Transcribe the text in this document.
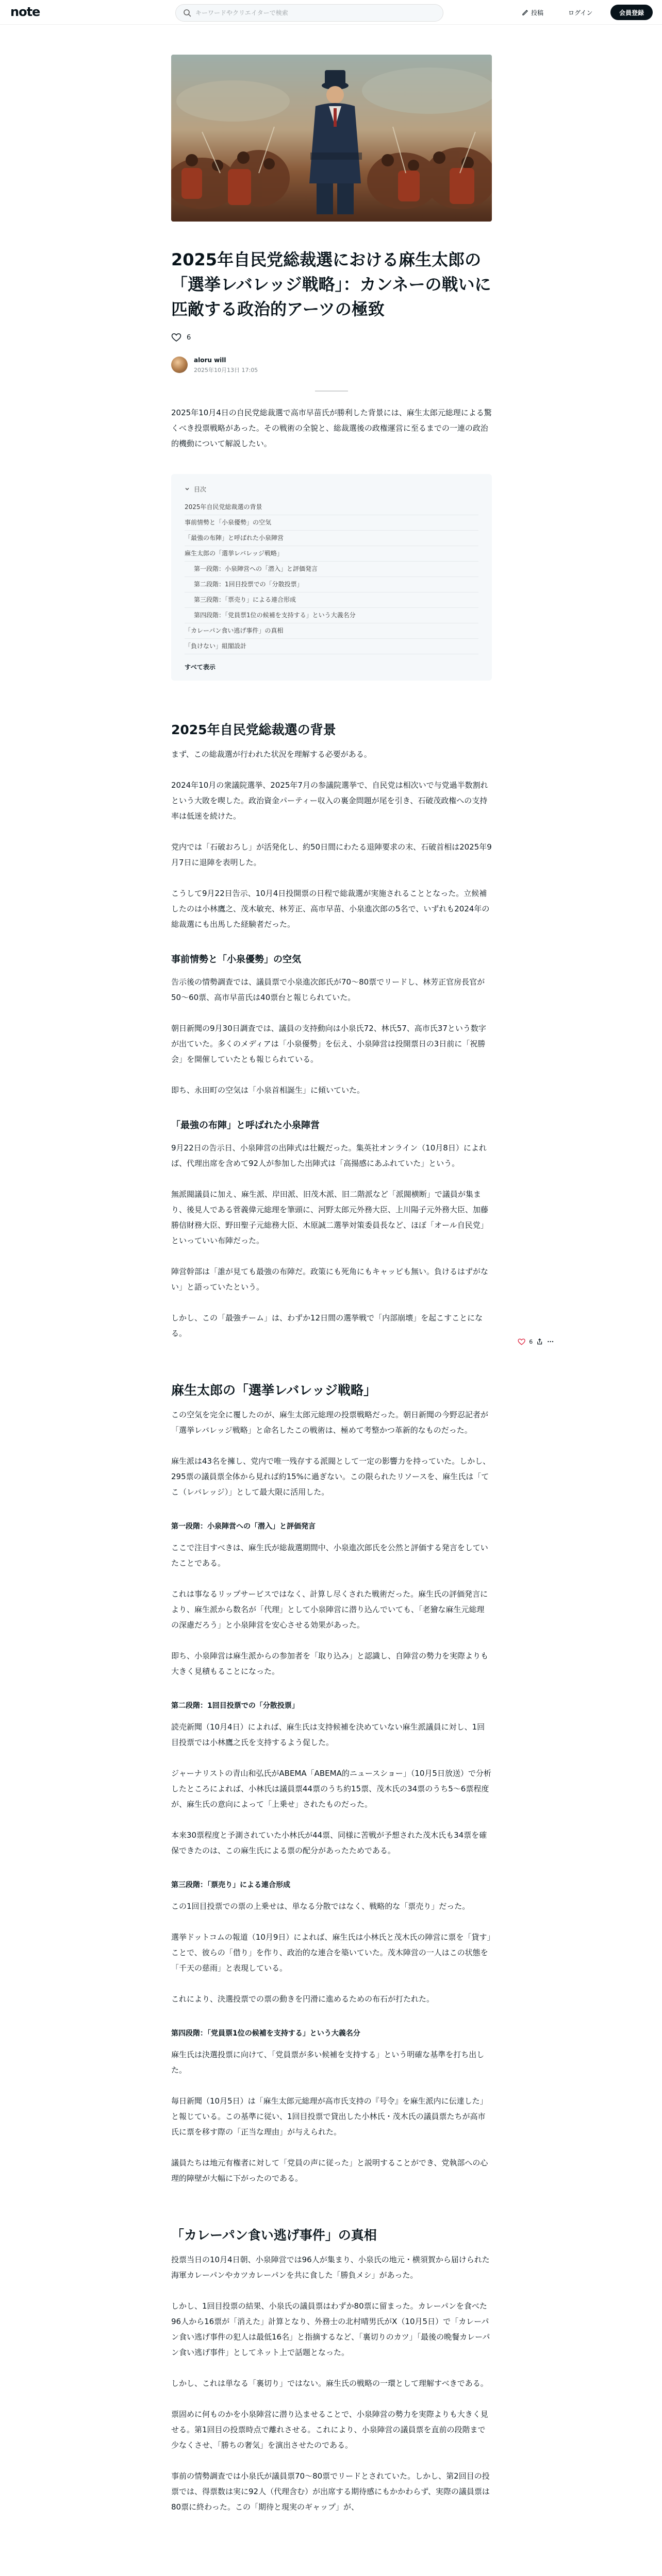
note
キーワードやクリエイターで検索	投稿	ログイン	会員登録
2025年自民党総裁選における麻生太郎の「選挙レバレッジ戦略」：カンネーの戦いに匹敵する政治的アーツの極致
6
aloru will
2025年10月13日 17:05

2025年10月4日の自民党総裁選で高市早苗氏が勝利した背景には、麻生太郎元総理による驚くべき投票戦略があった。その戦術の全貌と、総裁選後の政権運営に至るまでの一連の政治的機動について解説したい。

目次
2025年自民党総裁選の背景
事前情勢と「小泉優勢」の空気
「最強の布陣」と呼ばれた小泉陣営
麻生太郎の「選挙レバレッジ戦略」
第一段階：小泉陣営への「潜入」と評価発言
第二段階：1回目投票での「分散投票」
第三段階：「票売り」による連合形成
第四段階：「党員票1位の候補を支持する」という大義名分
「カレーパン食い逃げ事件」の真相
「負けない」組閣設計
すべて表示
2025年自民党総裁選の背景

まず、この総裁選が行われた状況を理解する必要がある。

2024年10月の衆議院選挙、2025年7月の参議院選挙で、自民党は相次いで与党過半数割れという大敗を喫した。政治資金パーティー収入の裏金問題が尾を引き、石破茂政権への支持率は低迷を続けた。

党内では「石破おろし」が活発化し、約50日間にわたる退陣要求の末、石破首相は2025年9月7日に退陣を表明した。

こうして9月22日告示、10月4日投開票の日程で総裁選が実施されることとなった。立候補したのは小林鷹之、茂木敏充、林芳正、高市早苗、小泉進次郎の5名で、いずれも2024年の総裁選にも出馬した経験者だった。

事前情勢と「小泉優勢」の空気

告示後の情勢調査では、議員票で小泉進次郎氏が70〜80票でリードし、林芳正官房長官が50〜60票、高市早苗氏は40票台と報じられていた。

朝日新聞の9月30日調査では、議員の支持動向は小泉氏72、林氏57、高市氏37という数字が出ていた。多くのメディアは「小泉優勢」を伝え、小泉陣営は投開票日の3日前に「祝勝会」を開催していたとも報じられている。

即ち、永田町の空気は「小泉首相誕生」に傾いていた。

「最強の布陣」と呼ばれた小泉陣営

9月22日の告示日、小泉陣営の出陣式は壮観だった。集英社オンライン（10月8日）によれば、代理出席を含めて92人が参加した出陣式は「高揚感にあふれていた」という。

無派閥議員に加え、麻生派、岸田派、旧茂木派、旧二階派など「派閥横断」で議員が集まり、後見人である菅義偉元総理を筆頭に、河野太郎元外務大臣、上川陽子元外務大臣、加藤勝信財務大臣、野田聖子元総務大臣、木原誠二選挙対策委員長など、ほぼ「オール自民党」といっていい布陣だった。

陣営幹部は「誰が見ても最強の布陣だ。政策にも死角にもキャッピも無い。負けるはずがない」と語っていたという。

しかし、この「最強チーム」は、わずか12日間の選挙戦で「内部崩壊」を起こすことになる。

麻生太郎の「選挙レバレッジ戦略」

この空気を完全に覆したのが、麻生太郎元総理の投票戦略だった。朝日新聞の今野忍記者が「選挙レバレッジ戦略」と命名したこの戦術は、極めて考整かつ革新的なものだった。

麻生派は43名を擁し、党内で唯一残存する派閥として一定の影響力を持っていた。しかし、295票の議員票全体から見れば約15%に過ぎない。この限られたリソースを、麻生氏は「てこ（レバレッジ）」として最大限に活用した。

第一段階：小泉陣営への「潜入」と評価発言

ここで注目すべきは、麻生氏が総裁選期間中、小泉進次郎氏を公然と評価する発言をしていたことである。

これは事なるリップサービスではなく、計算し尽くされた戦術だった。麻生氏の評価発言により、麻生派から数名が「代理」として小泉陣営に潜り込んでいても、「老獪な麻生元総理の深慮だろう」と小泉陣営を安心させる効果があった。

即ち、小泉陣営は麻生派からの参加者を「取り込み」と認識し、自陣営の勢力を実際よりも大きく見積もることになった。

第二段階：1回目投票での「分散投票」

読売新聞（10月4日）によれば、麻生氏は支持候補を決めていない麻生派議員に対し、1回目投票では小林鷹之氏を支持するよう促した。

ジャーナリストの青山和弘氏がABEMA「ABEMA的ニュースショー」（10月5日放送）で分析したところによれば、小林氏は議員票44票のうち約15票、茂木氏の34票のうち5〜6票程度が、麻生氏の意向によって「上乗せ」されたものだった。

本来30票程度と予測されていた小林氏が44票、同様に苦戦が予想された茂木氏も34票を確保できたのは、この麻生氏による票の配分があったためである。

第三段階：「票売り」による連合形成

この1回目投票での票の上乗せは、単なる分散ではなく、戦略的な「票売り」だった。

選挙ドットコムの報道（10月9日）によれば、麻生氏は小林氏と茂木氏の陣営に票を「貸す」ことで、彼らの「借り」を作り、政治的な連合を築いていた。茂木陣営の一人はこの状態を「千天の慈雨」と表現している。

これにより、決選投票での票の動きを円滑に進めるための布石が打たれた。

第四段階：「党員票1位の候補を支持する」という大義名分

麻生氏は決選投票に向けて、「党員票が多い候補を支持する」という明確な基準を打ち出した。

毎日新聞（10月5日）は「麻生太郎元総理が高市氏支持の『号令』を麻生派内に伝達した」と報じている。この基準に従い、1回目投票で貸出した小林氏・茂木氏の議員票たちが高市氏に票を移す際の「正当な理由」が与えられた。

議員たちは地元有権者に対して「党員の声に従った」と説明することができ、党執部への心理的障壁が大幅に下がったのである。

「カレーパン食い逃げ事件」の真相

投票当日の10月4日朝、小泉陣営では96人が集まり、小泉氏の地元・横須賀から届けられた海軍カレーパンやカツカレーパンを共に食した「勝負メシ」があった。

しかし、1回目投票の結果、小泉氏の議員票はわずか80票に留まった。カレーパンを食べた96人から16票が「消えた」計算となり、外務士の北村晴男氏がX（10月5日）で「カレーパン食い逃げ事件の犯人は最低16名」と指摘するなど、「裏切りのカツ」「最後の晩餐カレーパン食い逃げ事件」としてネット上で話題となった。

しかし、これは単なる「裏切り」ではない。麻生氏の戦略の一環として理解すべきである。

票固めに何ものかを小泉陣営に潜り込ませることで、小泉陣営の勢力を実際よりも大きく見せる。第1回目の投票時点で離れさせる。これにより、小泉陣営の議員票を直前の段階まで少なくさせ、「勝ちの奢気」を演出させたのである。

事前の情勢調査では小泉氏が議員票70〜80票でリードとされていた。しかし、第2回目の投票では、得票数は実に92人（代理含む）が出席する期待感にもかかわらず、実際の議員票は80票に終わった。この「期待と現実のギャップ」が、

6
